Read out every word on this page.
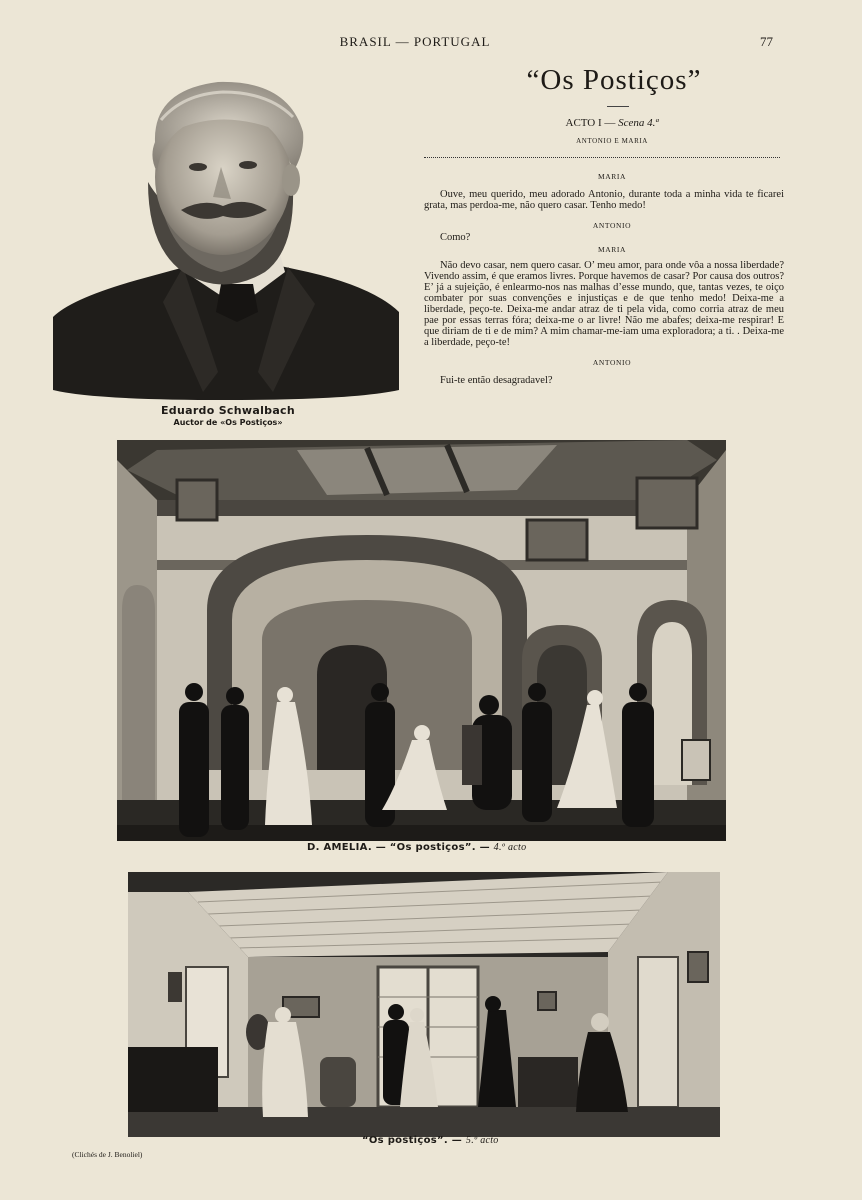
BRASIL — PORTUGAL	77
Eduardo Schwalbach
Auctor de «Os Postiços»
“Os Postiços”
ACTO I — Scena 4.ª
ANTONIO E MARIA
MARIA

Ouve, meu querido, meu adorado Antonio, durante toda a minha vida te ficarei grata, mas perdoa-me, não quero casar. Tenho medo!

ANTONIO

Como?

MARIA

Não devo casar, nem quero casar. O’ meu amor, para onde vôa a nossa liberdade? Vivendo assim, é que eramos livres. Porque havemos de casar? Por causa dos outros? E’ já a sujeição, é enlearmo-nos nas malhas d’esse mundo, que, tantas vezes, te oiço combater por suas convenções e injustiças e de que tenho medo! Deixa-me a liberdade, peço-te. Deixa-me andar atraz de ti pela vida, como corria atraz de meu pae por essas terras fóra; deixa-me o ar livre! Não me abafes; deixa-me respirar! E que diriam de ti e de mim? A mim chamar-me-iam uma exploradora; a ti. . Deixa-me a liberdade, peço-te!

ANTONIO

Fui-te então desagradavel?

D. AMELIA. — “Os postiços”. — 4.º acto
“Os postiços”. — 5.º acto
(Clichés de J. Benoliel)
